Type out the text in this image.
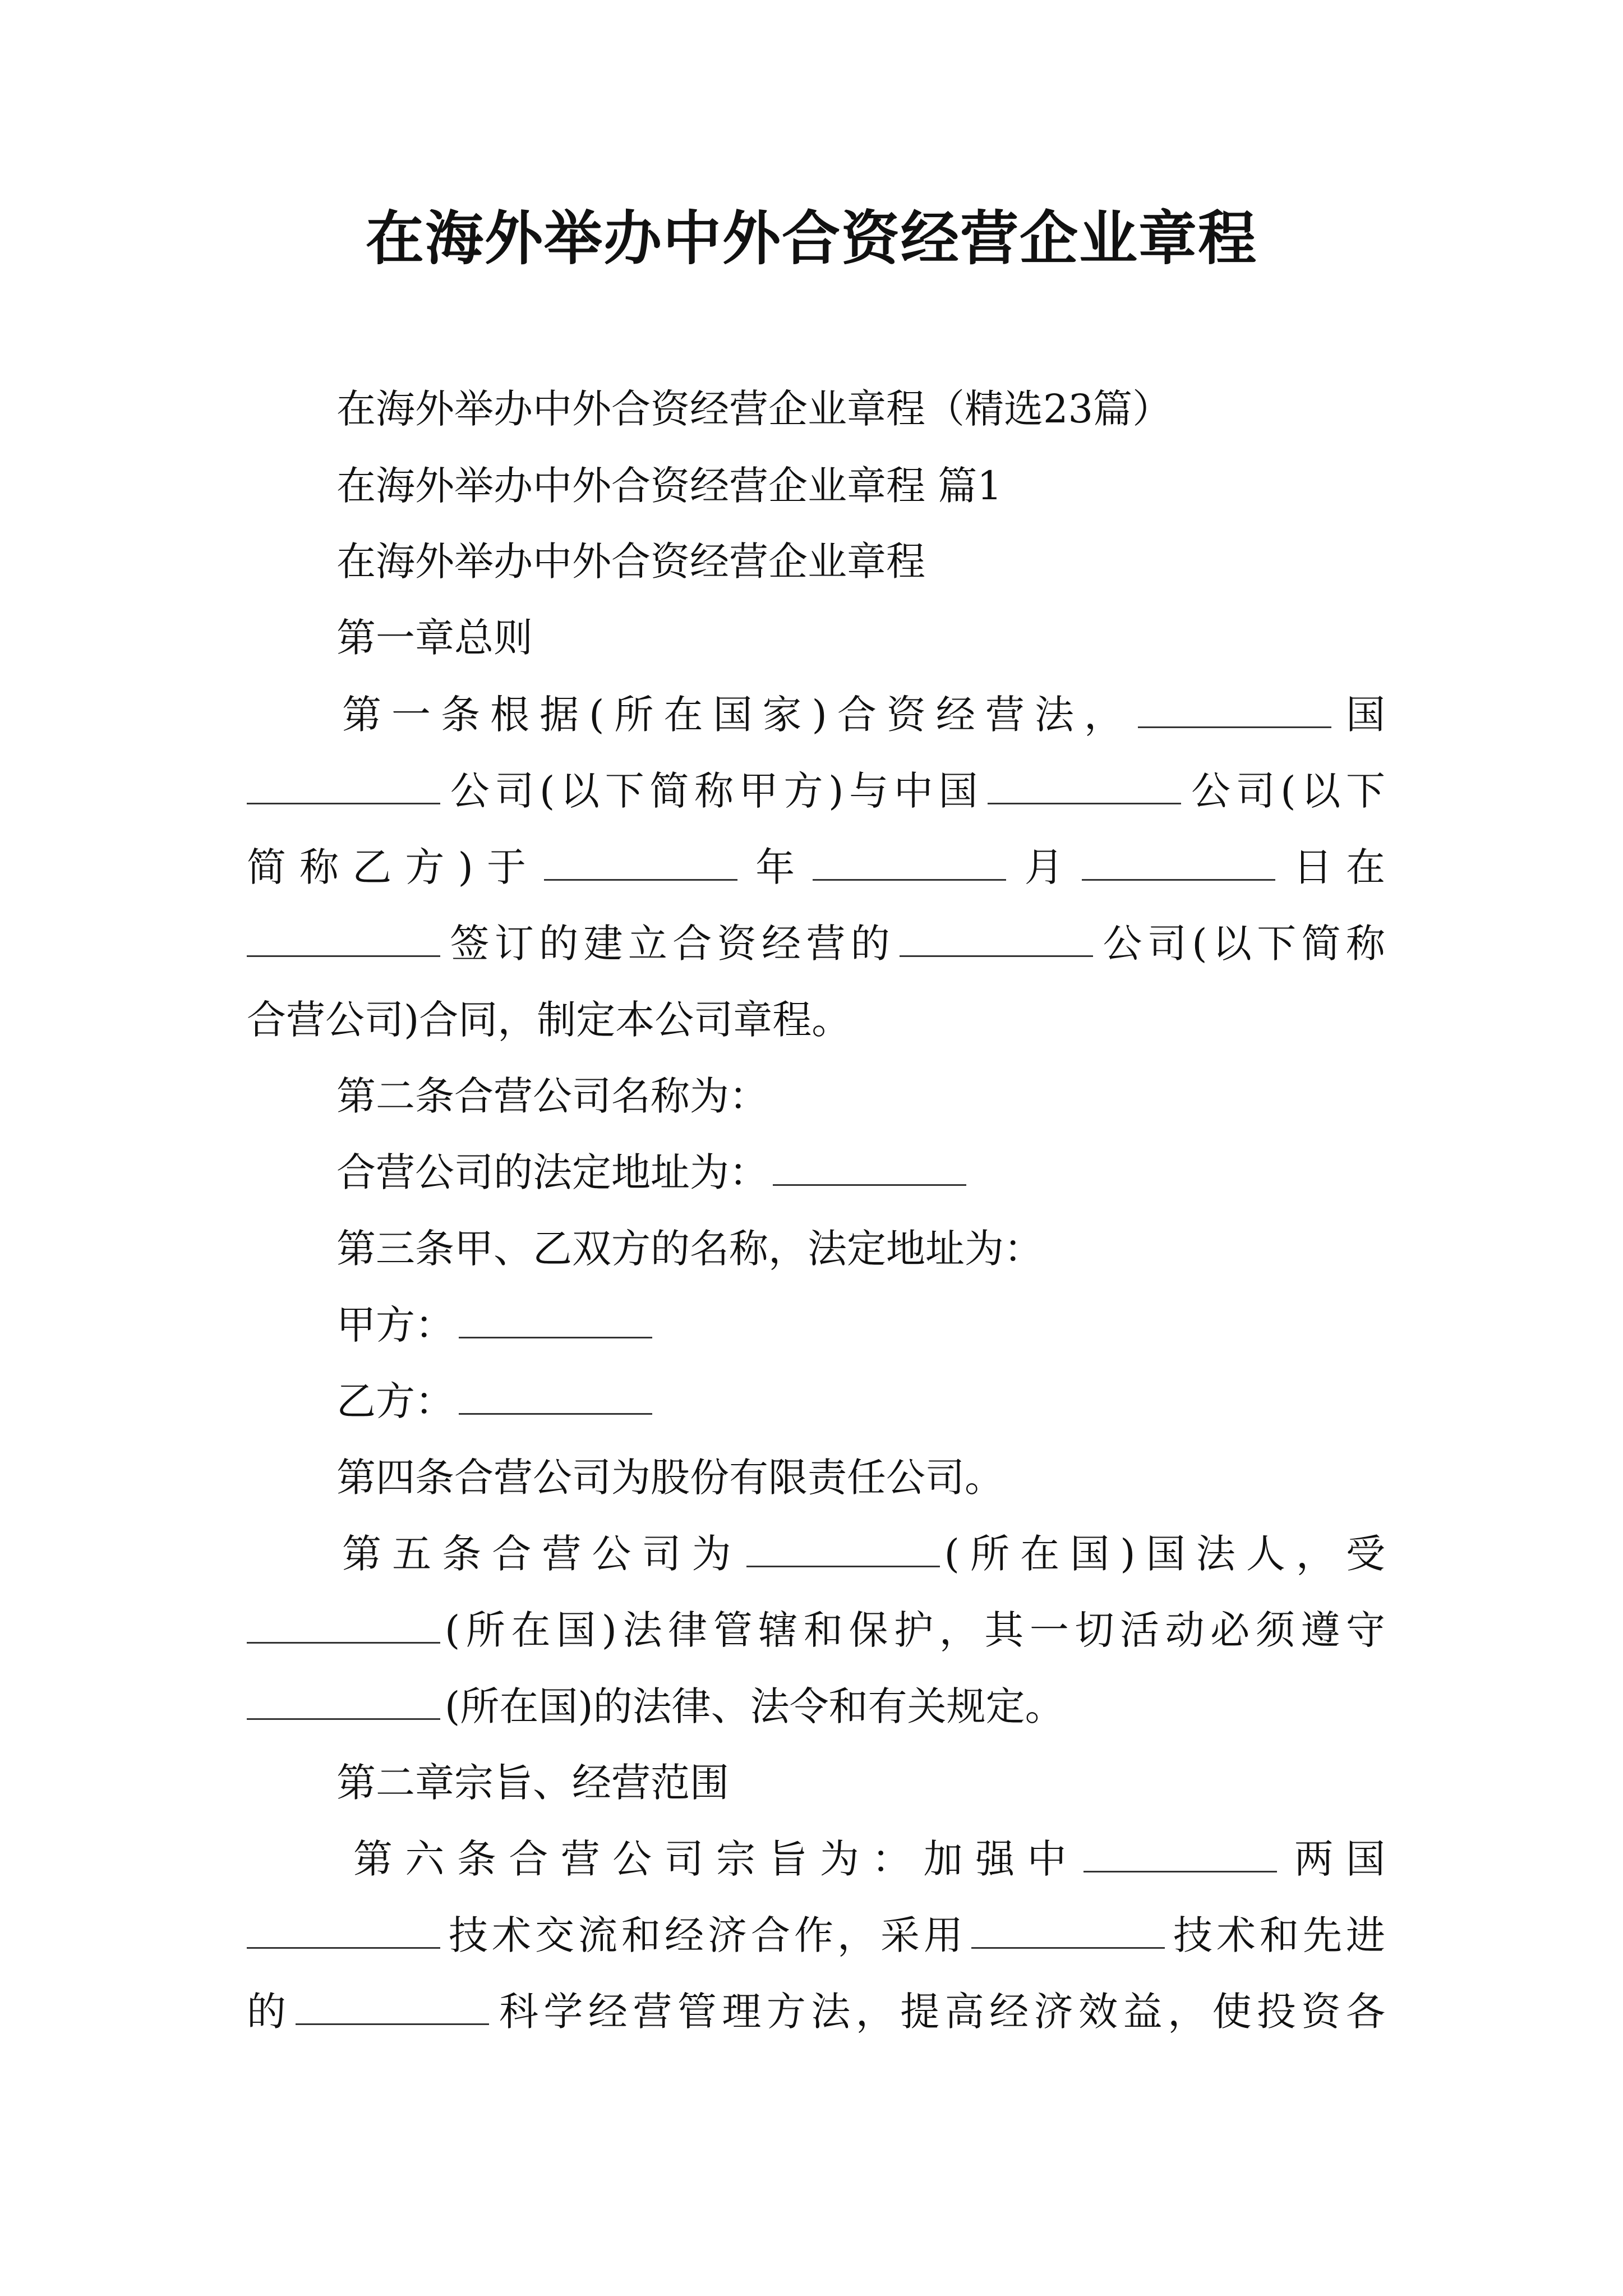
在海外举办中外合资经营企业章程
在海外举办中外合资经营企业章程（精选23篇）
在海外举办中外合资经营企业章程 篇1
在海外举办中外合资经营企业章程
第一章总则
第一条根据(所在国家)合资经营法，	国
公司(以下简称甲方)与中国	公司(以下
简称乙方)于	年	月	日在
签订的建立合资经营的	公司(以下简称
合营公司)合同，制定本公司章程。
第二条合营公司名称为：
合营公司的法定地址为：
第三条甲、乙双方的名称，法定地址为：
甲方：
乙方：
第四条合营公司为股份有限责任公司。
第五条合营公司为	(所在国)国法人，受
(所在国)法律管辖和保护，其一切活动必须遵守
(所在国)的法律、法令和有关规定。
第二章宗旨、经营范围
第六条合营公司宗旨为：加强中	两国
技术交流和经济合作，采用	技术和先进
的	科学经营管理方法，提高经济效益，使投资各
